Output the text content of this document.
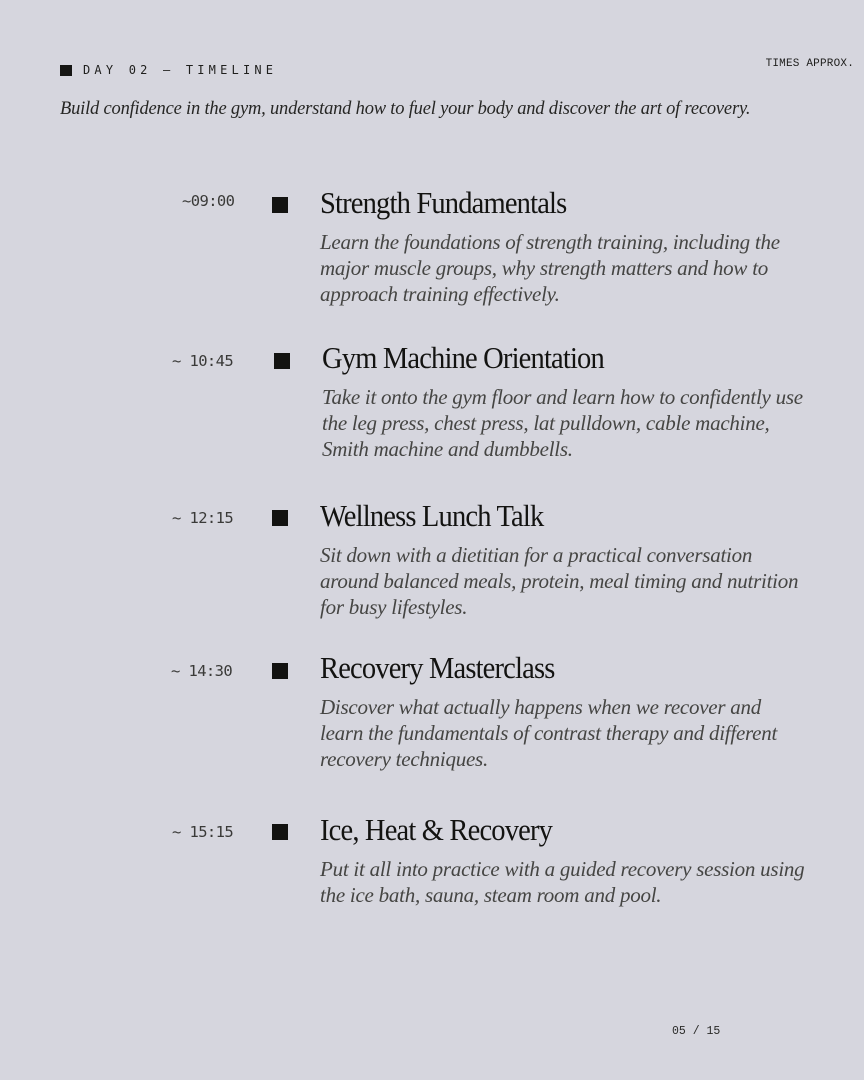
DAY 02 — TIMELINE	TIMES APPROX.
Build confidence in the gym, understand how to fuel your body and discover the art of recovery.
~09:00	Strength Fundamentals
Learn the foundations of strength training, including the major muscle groups, why strength matters and how to approach training effectively.
~ 10:45	Gym Machine Orientation
Take it onto the gym floor and learn how to confidently use the leg press, chest press, lat pulldown, cable machine, Smith machine and dumbbells.
~ 12:15	Wellness Lunch Talk
Sit down with a dietitian for a practical conversation around balanced meals, protein, meal timing and nutrition for busy lifestyles.
~ 14:30	Recovery Masterclass
Discover what actually happens when we recover and learn the fundamentals of contrast therapy and different recovery techniques.
~ 15:15	Ice, Heat & Recovery
Put it all into practice with a guided recovery session using the ice bath, sauna, steam room and pool.
05 / 15
